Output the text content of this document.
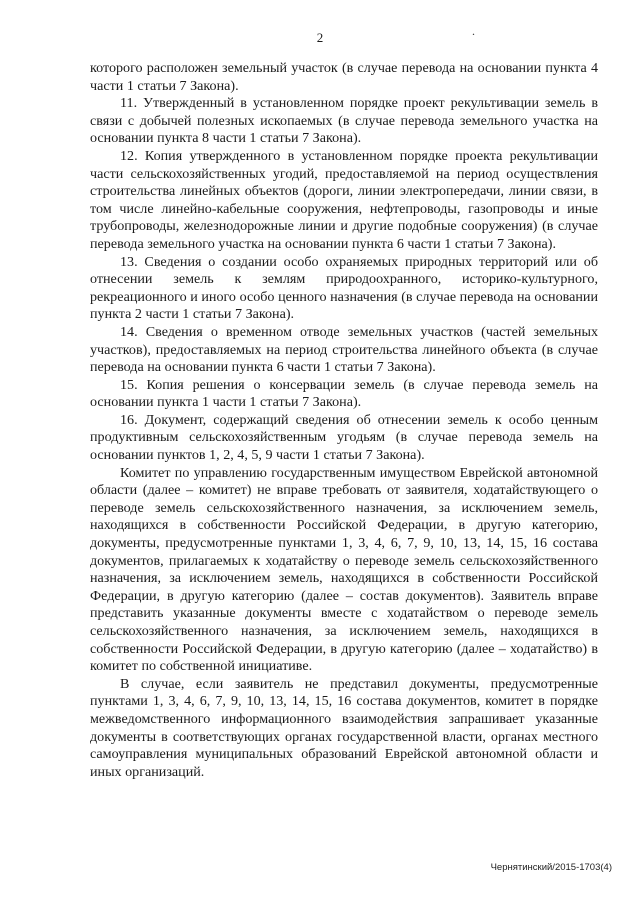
2	.

которого расположен земельный участок (в случае перевода на основании пункта 4 части 1 статьи 7 Закона).

11. Утвержденный в установленном порядке проект рекультивации земель в связи с добычей полезных ископаемых (в случае перевода земельного участка на основании пункта 8 части 1 статьи 7 Закона).

12. Копия утвержденного в установленном порядке проекта рекультивации части сельскохозяйственных угодий, предоставляемой на период осуществления строительства линейных объектов (дороги, линии электропередачи, линии связи, в том числе линейно-кабельные сооружения, нефтепроводы, газопроводы и иные трубопроводы, железнодорожные линии и другие подобные сооружения) (в случае перевода земельного участка на основании пункта 6 части 1 статьи 7 Закона).

13. Сведения о создании особо охраняемых природных территорий или об отнесении земель к землям природоохранного, историко-культурного, рекреационного и иного особо ценного назначения (в случае перевода на основании пункта 2 части 1 статьи 7 Закона).

14. Сведения о временном отводе земельных участков (частей земельных участков), предоставляемых на период строительства линейного объекта (в случае перевода на основании пункта 6 части 1 статьи 7 Закона).

15. Копия решения о консервации земель (в случае перевода земель на основании пункта 1 части 1 статьи 7 Закона).

16. Документ, содержащий сведения об отнесении земель к особо ценным продуктивным сельскохозяйственным угодьям (в случае перевода земель на основании пунктов 1, 2, 4, 5, 9 части 1 статьи 7 Закона).

Комитет по управлению государственным имуществом Еврейской автономной области (далее – комитет) не вправе требовать от заявителя, ходатайствующего о переводе земель сельскохозяйственного назначения, за исключением земель, находящихся в собственности Российской Федерации, в другую категорию, документы, предусмотренные пунктами 1, 3, 4, 6, 7, 9, 10, 13, 14, 15, 16 состава документов, прилагаемых к ходатайству о переводе земель сельскохозяйственного назначения, за исключением земель, находящихся в собственности Российской Федерации, в другую категорию (далее – состав документов). Заявитель вправе представить указанные документы вместе с ходатайством о переводе земель сельскохозяйственного назначения, за исключением земель, находящихся в собственности Российской Федерации, в другую категорию (далее – ходатайство) в комитет по собственной инициативе.

В случае, если заявитель не представил документы, предусмотренные пунктами 1, 3, 4, 6, 7, 9, 10, 13, 14, 15, 16 состава документов, комитет в порядке межведомственного информационного взаимодействия запрашивает указанные документы в соответствующих органах государственной власти, органах местного самоуправления муниципальных образований Еврейской автономной области и иных организаций.

Чернятинский/2015-1703(4)
